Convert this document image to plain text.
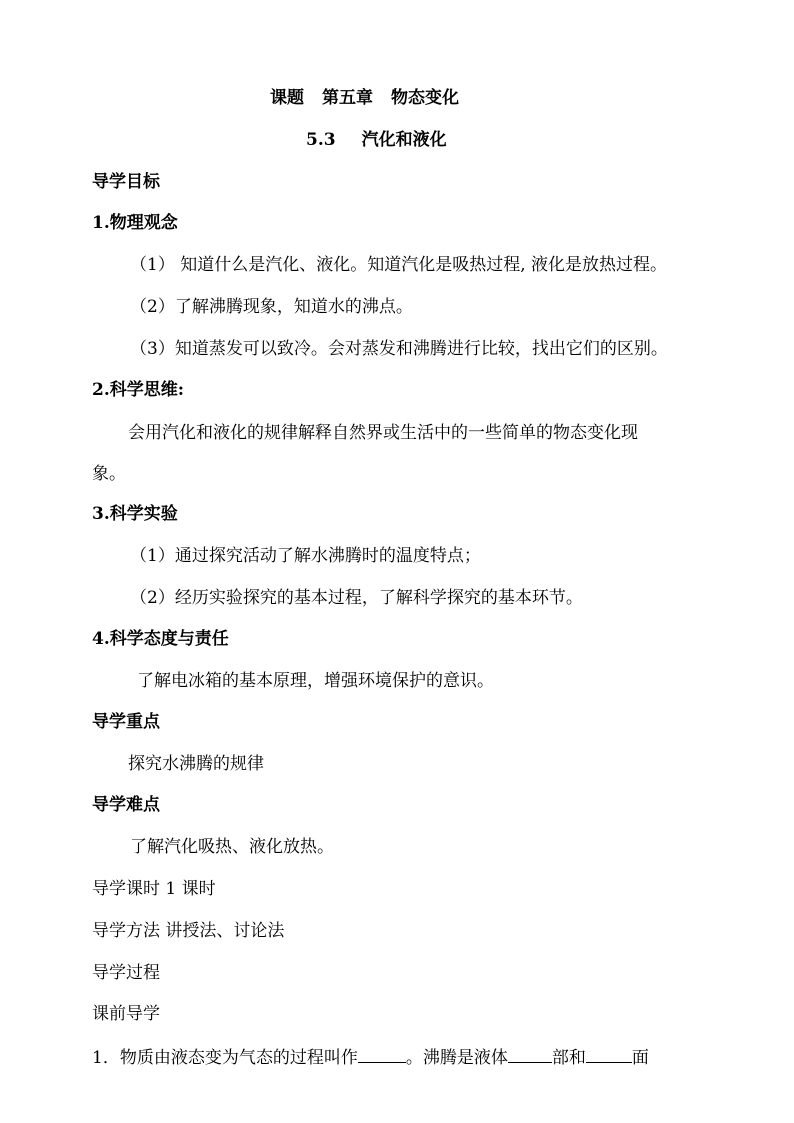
课题 第五章 物态变化
5.3 汽化和液化
导学目标
1.物理观念
（1） 知道什么是汽化、液化。知道汽化是吸热过程, 液化是放热过程。
（2）了解沸腾现象，知道水的沸点。
（3）知道蒸发可以致冷。会对蒸发和沸腾进行比较，找出它们的区别。
2.科学思维:
会用汽化和液化的规律解释自然界或生活中的一些简单的物态变化现
象。
3.科学实验
（1）通过探究活动了解水沸腾时的温度特点；
（2）经历实验探究的基本过程，了解科学探究的基本环节。
4.科学态度与责任
了解电冰箱的基本原理，增强环境保护的意识。
导学重点
探究水沸腾的规律
导学难点
了解汽化吸热、液化放热。
导学课时 1 课时
导学方法 讲授法、讨论法
导学过程
课前导学
1．物质由液态变为气态的过程叫作	。沸腾是液体	部和	面
